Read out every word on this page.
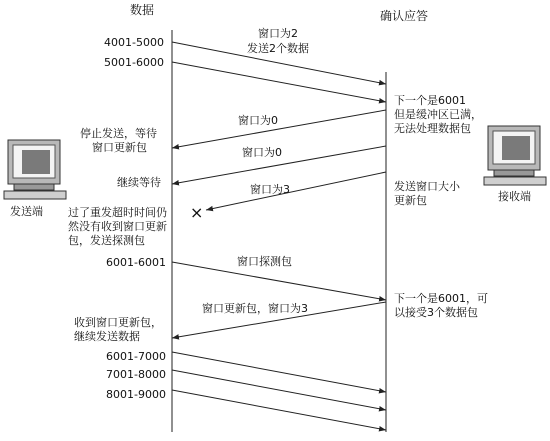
数据	确认应答
发送端
接收端
4001-5000
5001-6000
6001-6001
6001-7000
7001-8000
8001-9000
×
窗口为2
发送2个数据
窗口为0
窗口为0
窗口为3
窗口探测包
窗口更新包，窗口为3
下一个是6001
但是缓冲区已满，
无法处理数据包
发送窗口大小
更新包
下一个是6001，可
以接受3个数据包
停止发送，等待
窗口更新包
继续等待
过了重发超时时间仍
然没有收到窗口更新
包，发送探测包
收到窗口更新包，
继续发送数据
